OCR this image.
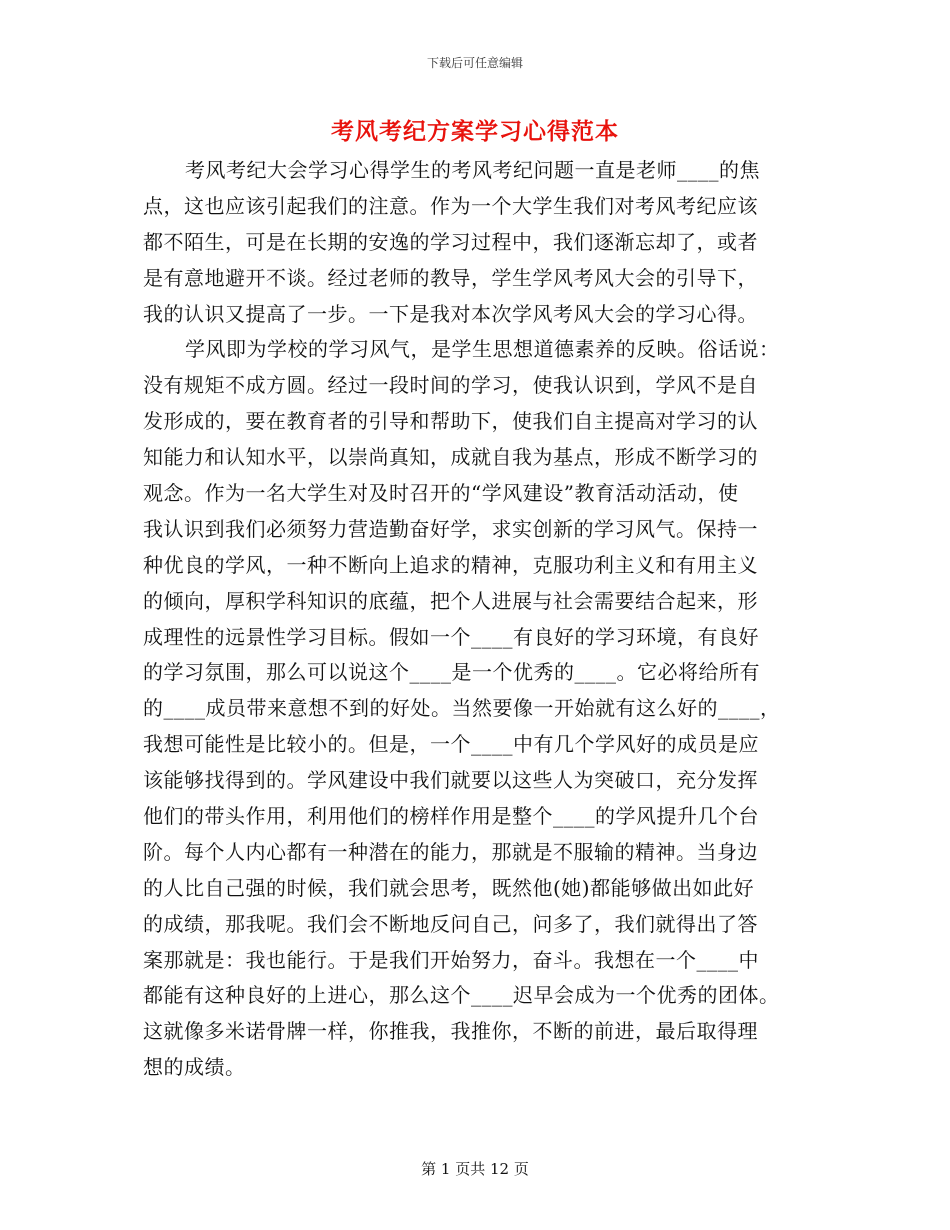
下载后可任意编辑
考风考纪方案学习心得范本
考风考纪大会学习心得学生的考风考纪问题一直是老师____的焦
点，这也应该引起我们的注意。作为一个大学生我们对考风考纪应该
都不陌生，可是在长期的安逸的学习过程中，我们逐渐忘却了，或者
是有意地避开不谈。经过老师的教导，学生学风考风大会的引导下，
我的认识又提高了一步。一下是我对本次学风考风大会的学习心得。
学风即为学校的学习风气，是学生思想道德素养的反映。俗话说：
没有规矩不成方圆。经过一段时间的学习，使我认识到，学风不是自
发形成的，要在教育者的引导和帮助下，使我们自主提高对学习的认
知能力和认知水平，以崇尚真知，成就自我为基点，形成不断学习的
观念。作为一名大学生对及时召开的“学风建设”教育活动活动，使
我认识到我们必须努力营造勤奋好学，求实创新的学习风气。保持一
种优良的学风，一种不断向上追求的精神，克服功利主义和有用主义
的倾向，厚积学科知识的底蕴，把个人进展与社会需要结合起来，形
成理性的远景性学习目标。假如一个____有良好的学习环境，有良好
的学习氛围，那么可以说这个____是一个优秀的____。它必将给所有
的____成员带来意想不到的好处。当然要像一开始就有这么好的____，
我想可能性是比较小的。但是，一个____中有几个学风好的成员是应
该能够找得到的。学风建设中我们就要以这些人为突破口，充分发挥
他们的带头作用，利用他们的榜样作用是整个____的学风提升几个台
阶。每个人内心都有一种潜在的能力，那就是不服输的精神。当身边
的人比自己强的时候，我们就会思考，既然他(她)都能够做出如此好
的成绩，那我呢。我们会不断地反问自己，问多了，我们就得出了答
案那就是：我也能行。于是我们开始努力，奋斗。我想在一个____中
都能有这种良好的上进心，那么这个____迟早会成为一个优秀的团体。
这就像多米诺骨牌一样，你推我，我推你，不断的前进，最后取得理
想的成绩。
第 1 页共 12 页
